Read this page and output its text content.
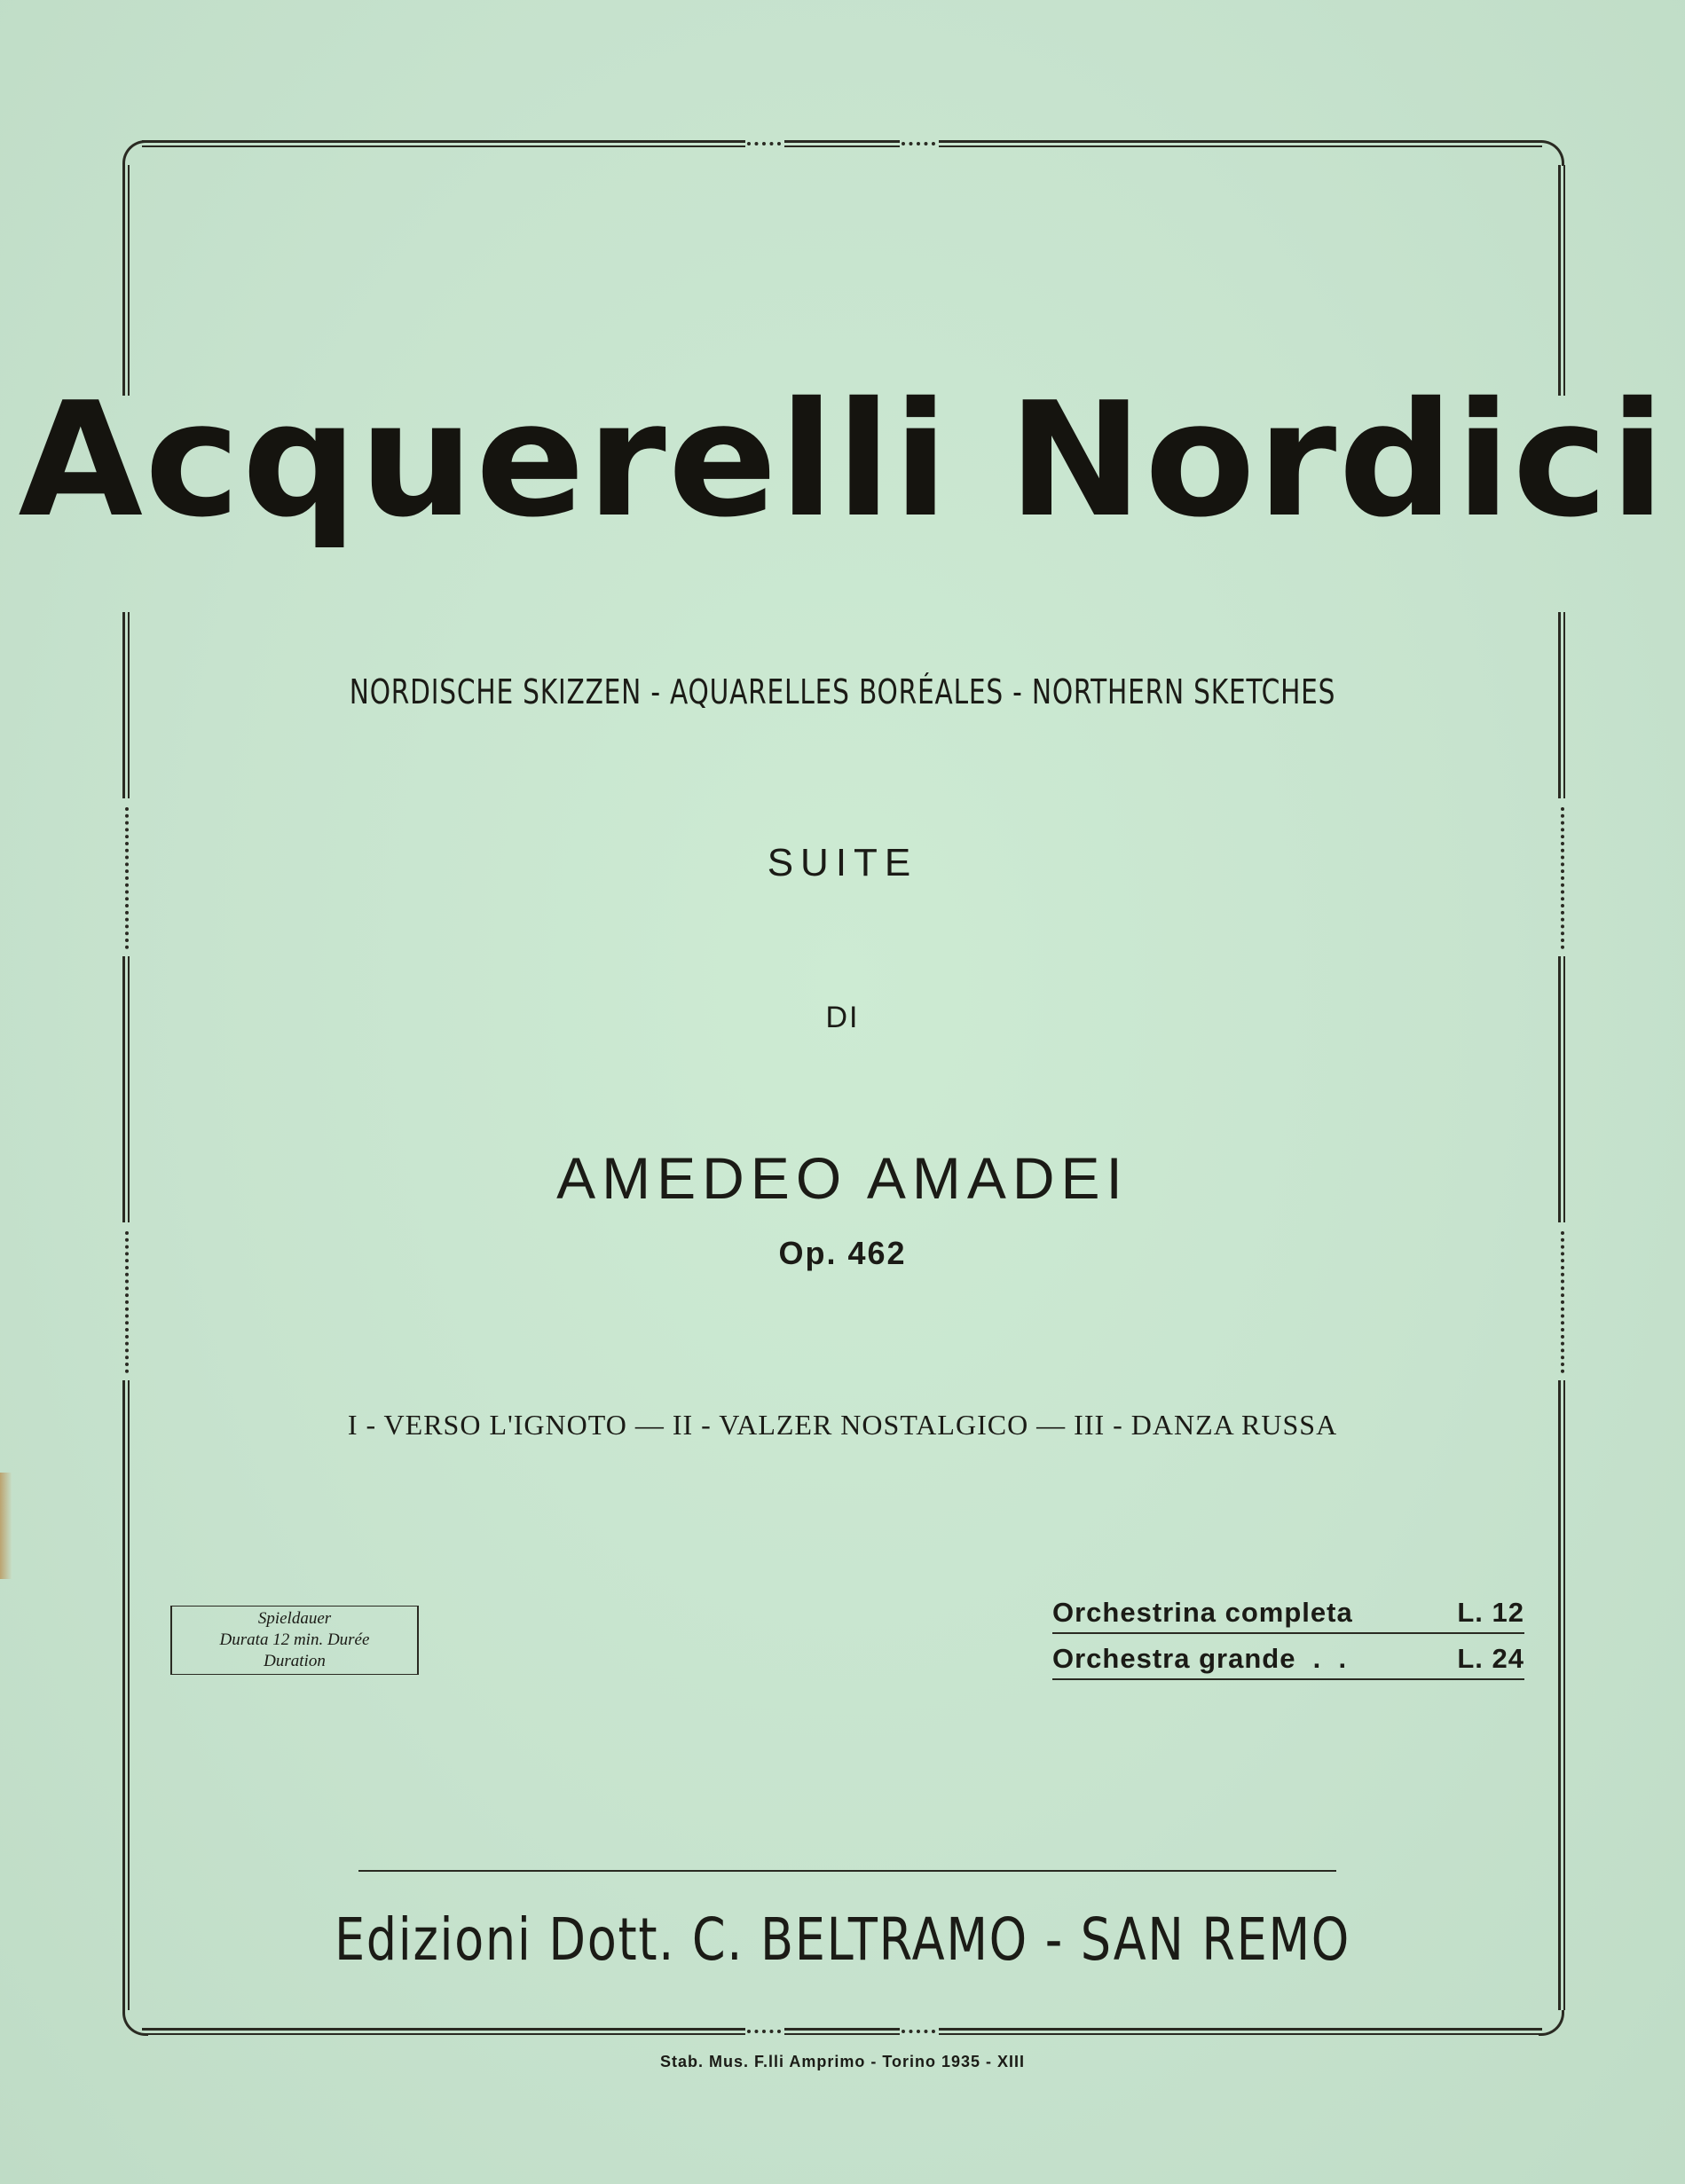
Acquerelli Nordici
NORDISCHE SKIZZEN - AQUARELLES BORÉALES - NORTHERN SKETCHES
SUITE
DI
AMEDEO AMADEI
Op. 462
I - VERSO L'IGNOTO — II - VALZER NOSTALGICO — III - DANZA RUSSA
Spieldauer
Durata 12 min. Durée
Duration
Orchestrina completa	L. 12
Orchestra grande  .  .	L. 24
Edizioni Dott. C. BELTRAMO - SAN REMO
Stab. Mus. F.lli Amprimo - Torino 1935 - XIII
